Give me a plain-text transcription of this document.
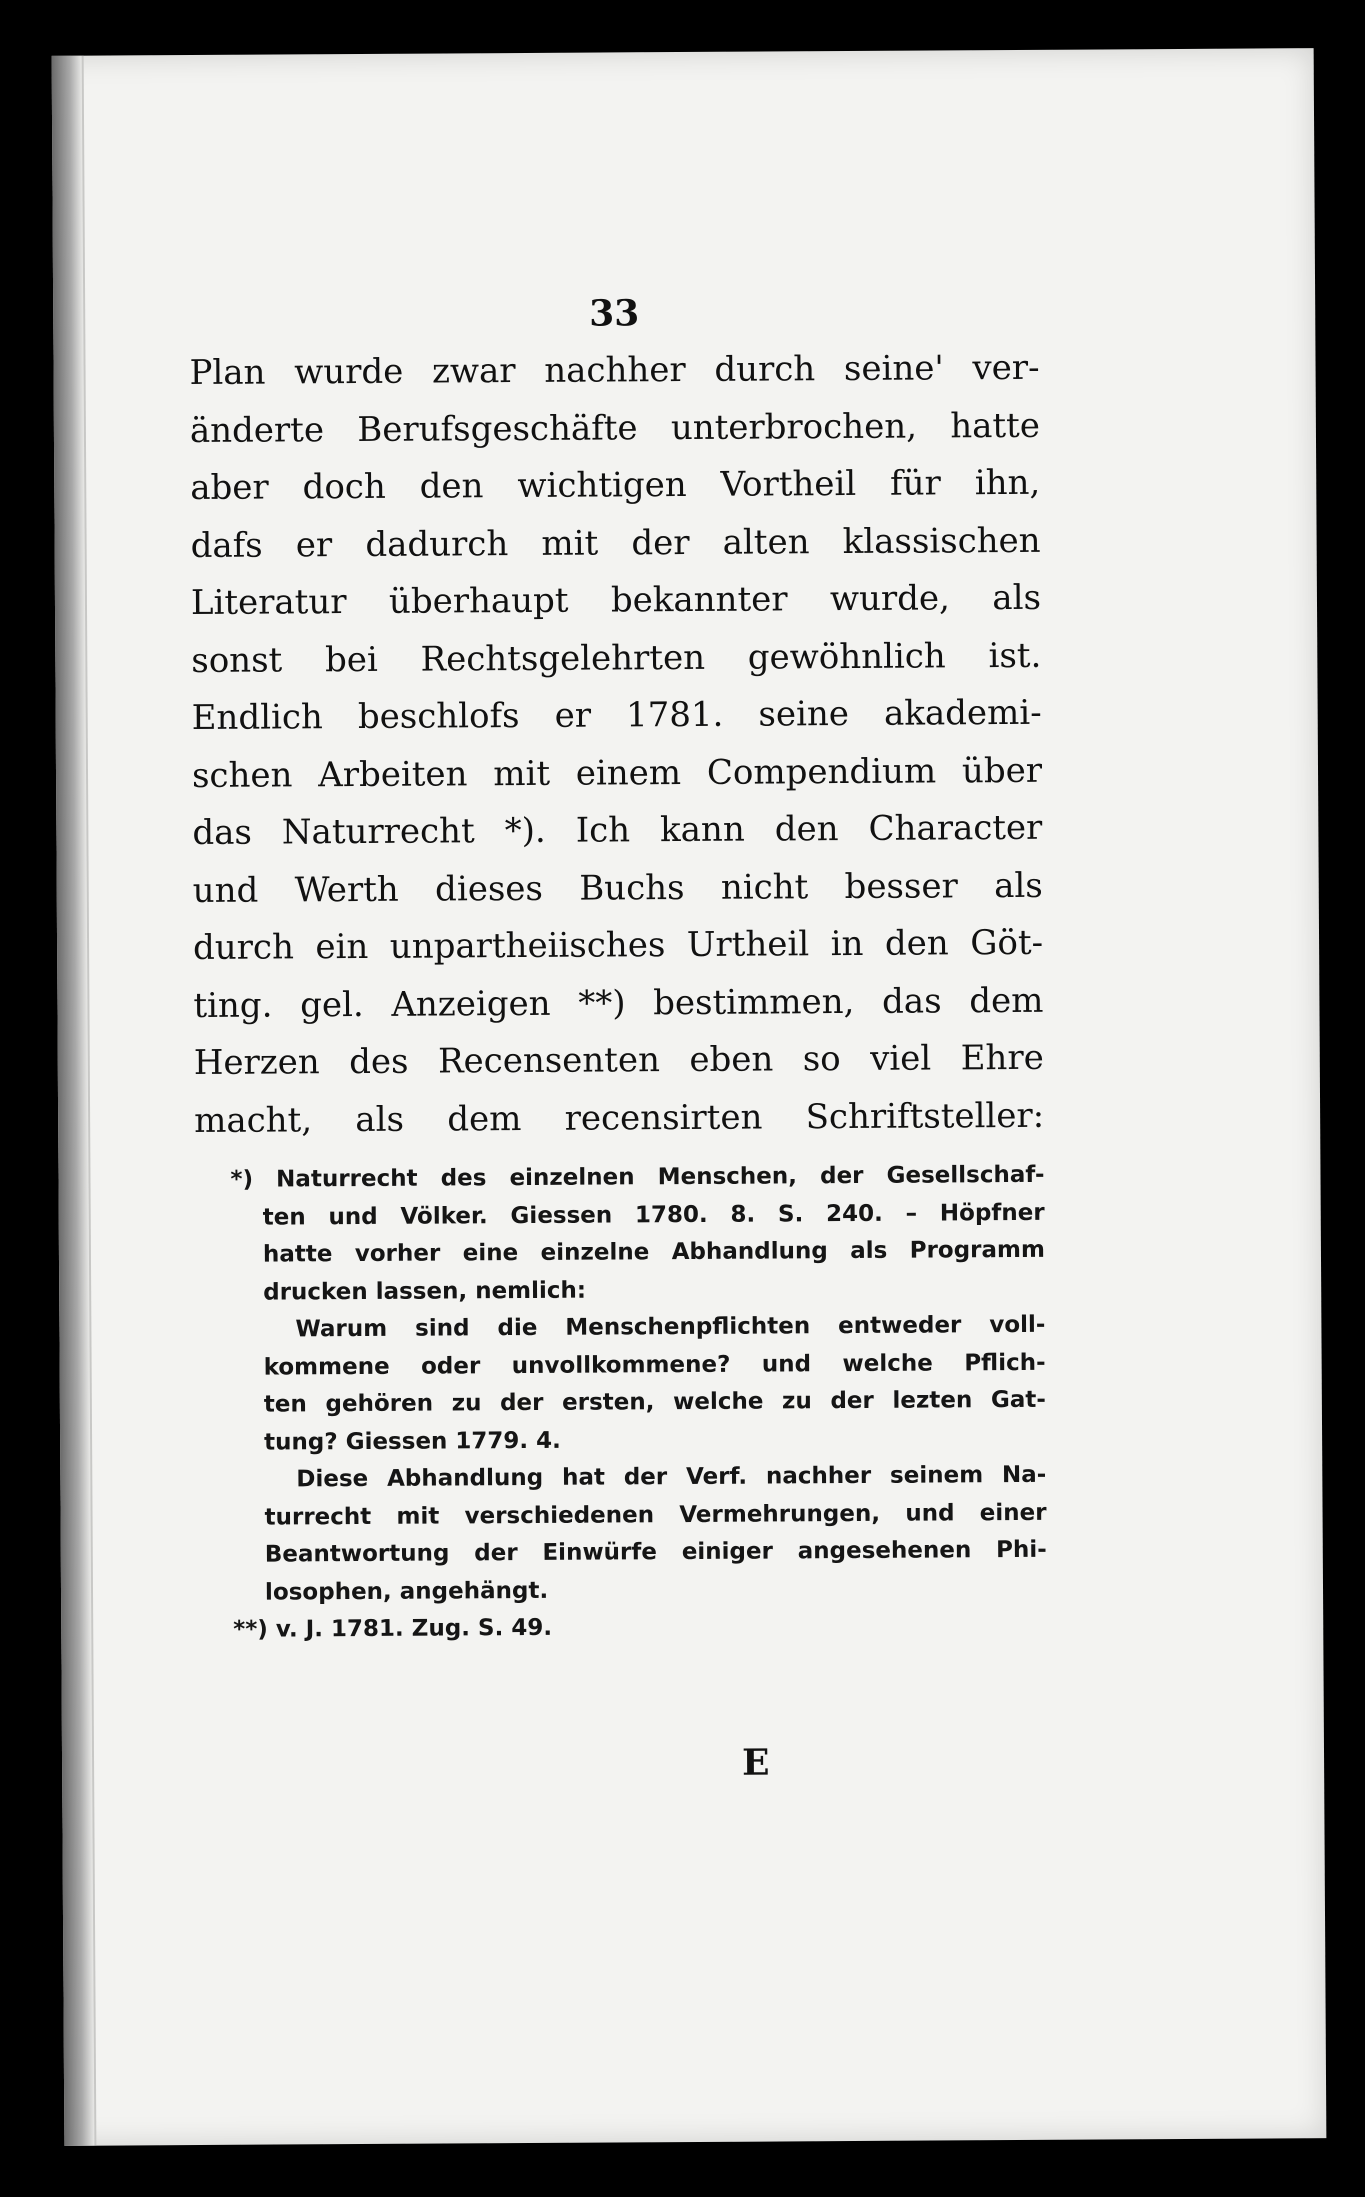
33
Plan wurde zwar nachher durch seine' ver-
änderte Berufsgeschäfte unterbrochen, hatte
aber doch den wichtigen Vortheil für ihn,
dafs er dadurch mit der alten klassischen
Literatur überhaupt bekannter wurde, als
sonst bei Rechtsgelehrten gewöhnlich ist.
Endlich beschlofs er 1781. seine akademi-
schen Arbeiten mit einem Compendium über
das Naturrecht *). Ich kann den Character
und Werth dieses Buchs nicht besser als
durch ein unpartheiisches Urtheil in den Göt-
ting. gel. Anzeigen **) bestimmen, das dem
Herzen des Recensenten eben so viel Ehre
macht, als dem recensirten Schriftsteller:
*) Naturrecht des einzelnen Menschen, der Gesellschaf-
ten und Völker. Giessen 1780. 8. S. 240. – Höpfner
hatte vorher eine einzelne Abhandlung als Programm
drucken lassen, nemlich:
Warum sind die Menschenpflichten entweder voll-
kommene oder unvollkommene? und welche Pflich-
ten gehören zu der ersten, welche zu der lezten Gat-
tung? Giessen 1779. 4.
Diese Abhandlung hat der Verf. nachher seinem Na-
turrecht mit verschiedenen Vermehrungen, und einer
Beantwortung der Einwürfe einiger angesehenen Phi-
losophen, angehängt.
**) v. J. 1781. Zug. S. 49.
E
